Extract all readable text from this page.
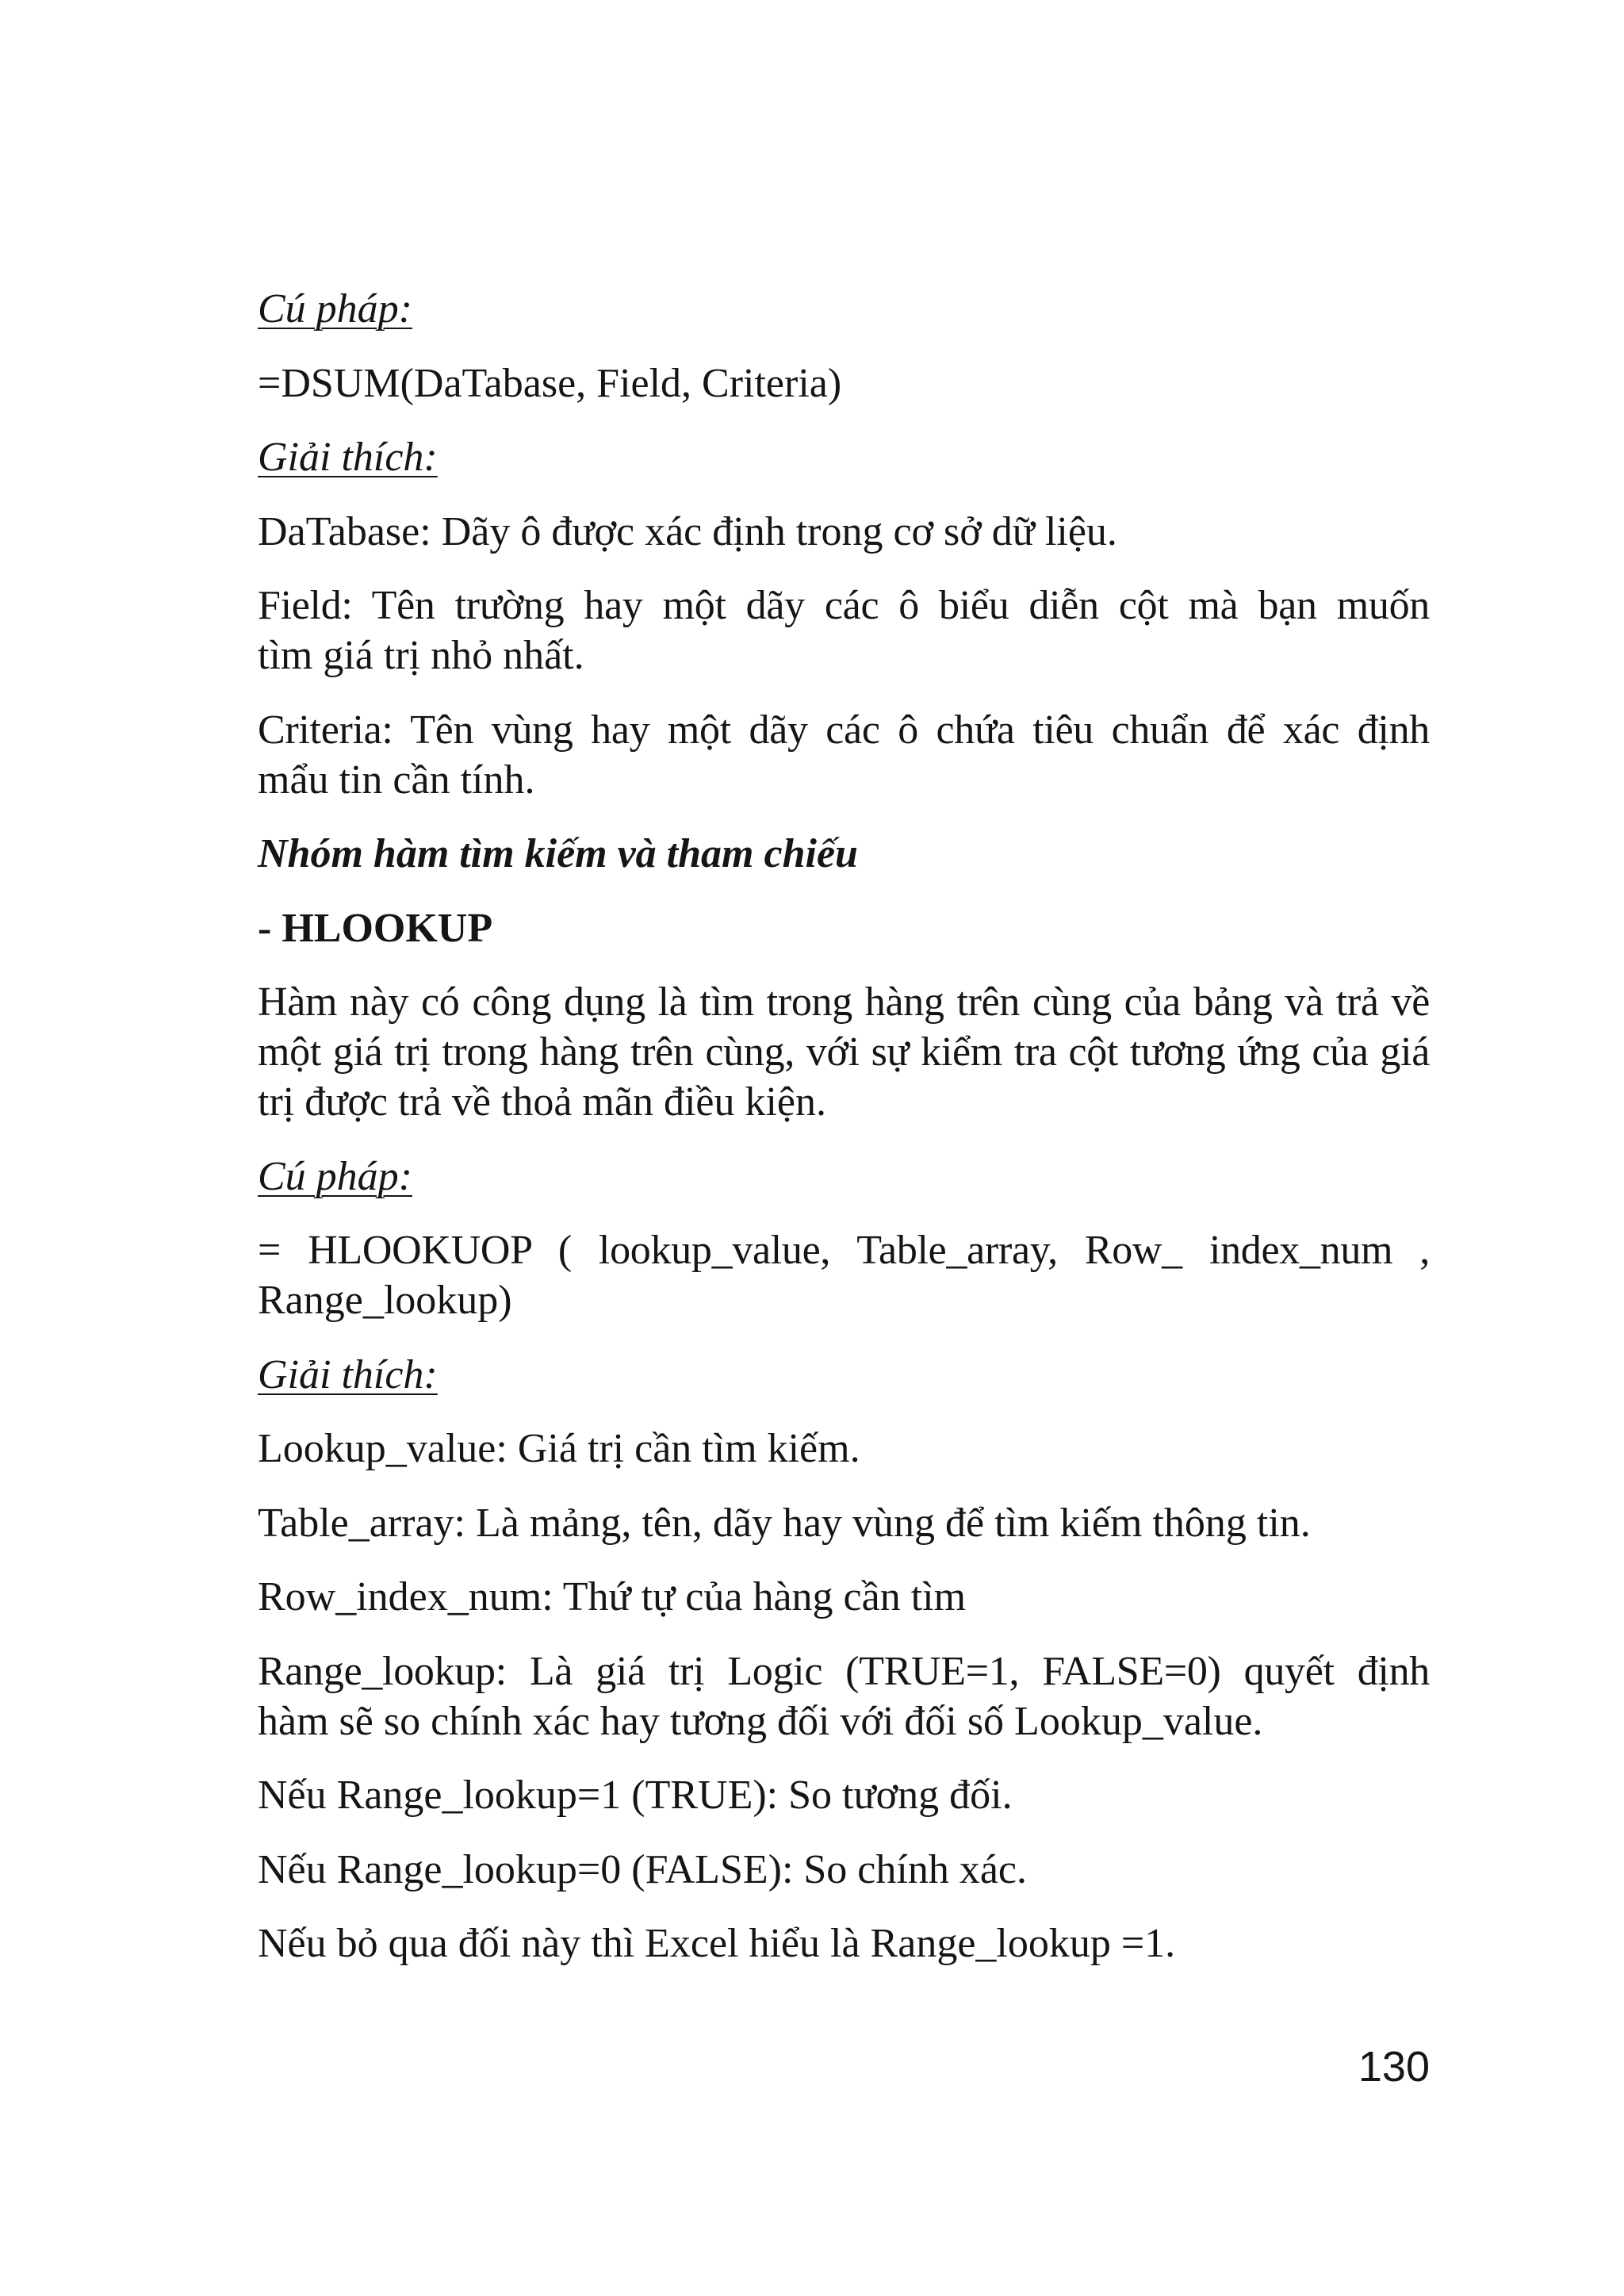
Cú pháp:

=DSUM(DaTabase, Field, Criteria)

Giải thích:

DaTabase: Dãy ô được xác định trong cơ sở dữ liệu.

Field: Tên trường hay một dãy các ô biểu diễn cột mà bạn muốn
tìm giá trị nhỏ nhất.

Criteria: Tên vùng hay một dãy các ô chứa tiêu chuẩn để xác định
mẩu tin cần tính.

Nhóm hàm tìm kiếm và tham chiếu

- HLOOKUP

Hàm này có công dụng là tìm trong hàng trên cùng của bảng và trả về
một giá trị trong hàng trên cùng, với sự kiểm tra cột tương ứng của giá
trị được trả về thoả mãn điều kiện.

Cú pháp:

= HLOOKUOP ( lookup_value, Table_array, Row_ index_num ,
Range_lookup)

Giải thích:

Lookup_value: Giá trị cần tìm kiếm.

Table_array: Là mảng, tên, dãy hay vùng để tìm kiếm thông tin.

Row_index_num: Thứ tự của hàng cần tìm

Range_lookup: Là giá trị Logic (TRUE=1, FALSE=0) quyết định
hàm sẽ so chính xác hay tương đối với đối số Lookup_value.

Nếu Range_lookup=1 (TRUE): So tương đối.

Nếu Range_lookup=0 (FALSE): So chính xác.

Nếu bỏ qua đối này thì Excel hiểu là Range_lookup =1.

130
